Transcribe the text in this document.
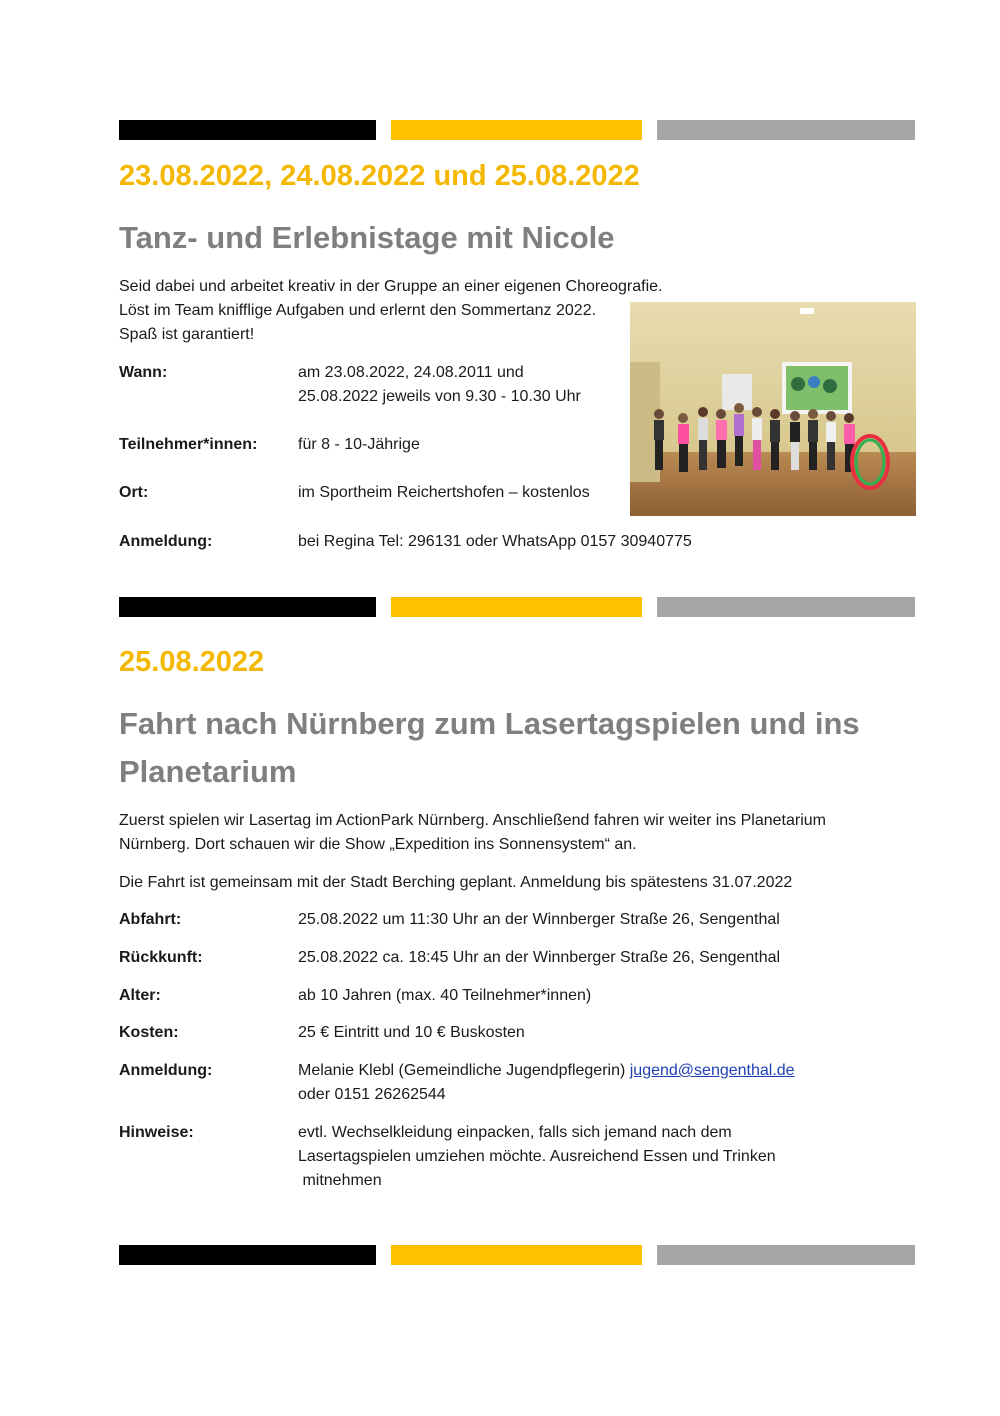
23.08.2022, 24.08.2022 und 25.08.2022
Tanz- und Erlebnistage mit Nicole
Seid dabei und arbeitet kreativ in der Gruppe an einer eigenen Choreografie.
Löst im Team knifflige Aufgaben und erlernt den Sommertanz 2022.
Spaß ist garantiert!
Wann:	am 23.08.2022, 24.08.2011 und
25.08.2022 jeweils von 9.30 - 10.30 Uhr
Teilnehmer*innen:	für 8 - 10-Jährige
Ort:	im Sportheim Reichertshofen – kostenlos
Anmeldung:	bei Regina Tel: 296131 oder WhatsApp 0157 30940775
25.08.2022
Fahrt nach Nürnberg zum Lasertagspielen und ins
Planetarium
Zuerst spielen wir Lasertag im ActionPark Nürnberg. Anschließend fahren wir weiter ins Planetarium
Nürnberg. Dort schauen wir die Show „Expedition ins Sonnensystem“ an.
Die Fahrt ist gemeinsam mit der Stadt Berching geplant. Anmeldung bis spätestens 31.07.2022
Abfahrt:	25.08.2022 um 11:30 Uhr an der Winnberger Straße 26, Sengenthal
Rückkunft:	25.08.2022 ca. 18:45 Uhr an der Winnberger Straße 26, Sengenthal
Alter:	ab 10 Jahren (max. 40 Teilnehmer*innen)
Kosten:	25 € Eintritt und 10 € Buskosten
Anmeldung:	Melanie Klebl (Gemeindliche Jugendpflegerin) jugend@sengenthal.de
oder 0151 26262544
Hinweise:	evtl. Wechselkleidung einpacken, falls sich jemand nach dem
Lasertagspielen umziehen möchte. Ausreichend Essen und Trinken
mitnehmen
